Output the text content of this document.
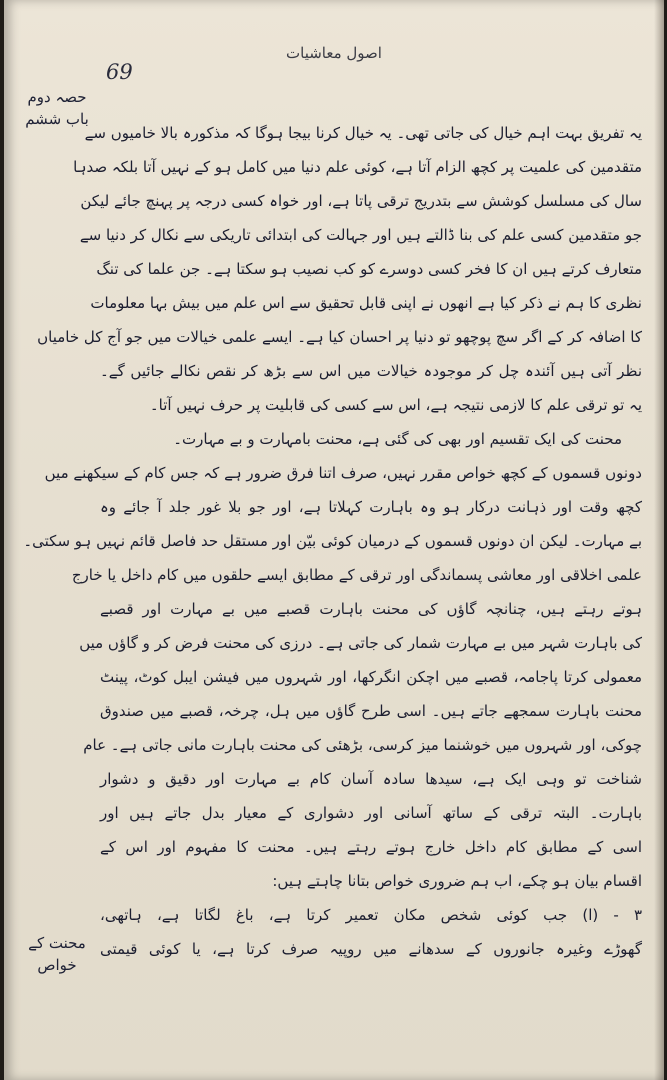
اصول معاشیات
69
حصہ دوم
باب ششم
محنت کے
خواص
یہ تفریق بہت اہم خیال کی جاتی تھی۔ یہ خیال کرنا بیجا ہوگا کہ مذکورہ بالا خامیوں سے
متقدمین کی علمیت پر کچھ الزام آتا ہے، کوئی علم دنیا میں کامل ہو کے نہیں آتا بلکہ صدہا
سال کی مسلسل کوشش سے بتدریج ترقی پاتا ہے، اور خواہ کسی درجہ پر پہنچ جائے لیکن
جو متقدمین کسی علم کی بنا ڈالتے ہیں اور جہالت کی ابتدائی تاریکی سے نکال کر دنیا سے
متعارف کرتے ہیں ان کا فخر کسی دوسرے کو کب نصیب ہو سکتا ہے۔ جن علما کی تنگ
نظری کا ہم نے ذکر کیا ہے انھوں نے اپنی قابل تحقیق سے اس علم میں بیش بہا معلومات
کا اضافہ کر کے اگر سچ پوچھو تو دنیا پر احسان کیا ہے۔ ایسے علمی خیالات میں جو آج کل خامیاں
نظر آتی ہیں آئندہ چل کر موجودہ خیالات میں اس سے بڑھ کر نقص نکالے جائیں گے۔
یہ تو ترقی علم کا لازمی نتیجہ ہے، اس سے کسی کی قابلیت پر حرف نہیں آتا۔
محنت کی ایک تقسیم اور بھی کی گئی ہے، محنت بامہارت و بے مہارت۔
دونوں قسموں کے کچھ خواص مقرر نہیں، صرف اتنا فرق ضرور ہے کہ جس کام کے سیکھنے میں
کچھ وقت اور ذہانت درکار ہو وہ باہارت کہلاتا ہے، اور جو بلا غور جلد آ جائے وہ
بے مہارت۔ لیکن ان دونوں قسموں کے درمیان کوئی بیّن اور مستقل حد فاصل قائم نہیں ہو سکتی۔
علمی اخلاقی اور معاشی پسماندگی اور ترقی کے مطابق ایسے حلقوں میں کام داخل یا خارج
ہوتے رہتے ہیں، چنانچہ گاؤں کی محنت باہارت قصبے میں بے مہارت اور قصبے
کی باہارت شہر میں بے مہارت شمار کی جاتی ہے۔ درزی کی محنت فرض کر و گاؤں میں
معمولی کرتا پاجامہ، قصبے میں اچکن انگرکھا، اور شہروں میں فیشن ایبل کوٹ، پینٹ
محنت باہارت سمجھے جاتے ہیں۔ اسی طرح گاؤں میں ہل، چرخہ، قصبے میں صندوق
چوکی، اور شہروں میں خوشنما میز کرسی، بڑھئی کی محنت باہارت مانی جاتی ہے۔ عام
شناخت تو وہی ایک ہے، سیدھا سادہ آسان کام بے مہارت اور دقیق و دشوار
باہارت۔ البتہ ترقی کے ساتھ آسانی اور دشواری کے معیار بدل جاتے ہیں اور
اسی کے مطابق کام داخل خارج ہوتے رہتے ہیں۔ محنت کا مفہوم اور اس کے
اقسام بیان ہو چکے، اب ہم ضروری خواص بتانا چاہتے ہیں:
۳ - (ا) جب کوئی شخص مکان تعمیر کرتا ہے، باغ لگاتا ہے، ہاتھی،
گھوڑے وغیرہ جانوروں کے سدھانے میں روپیہ صرف کرتا ہے، یا کوئی قیمتی
